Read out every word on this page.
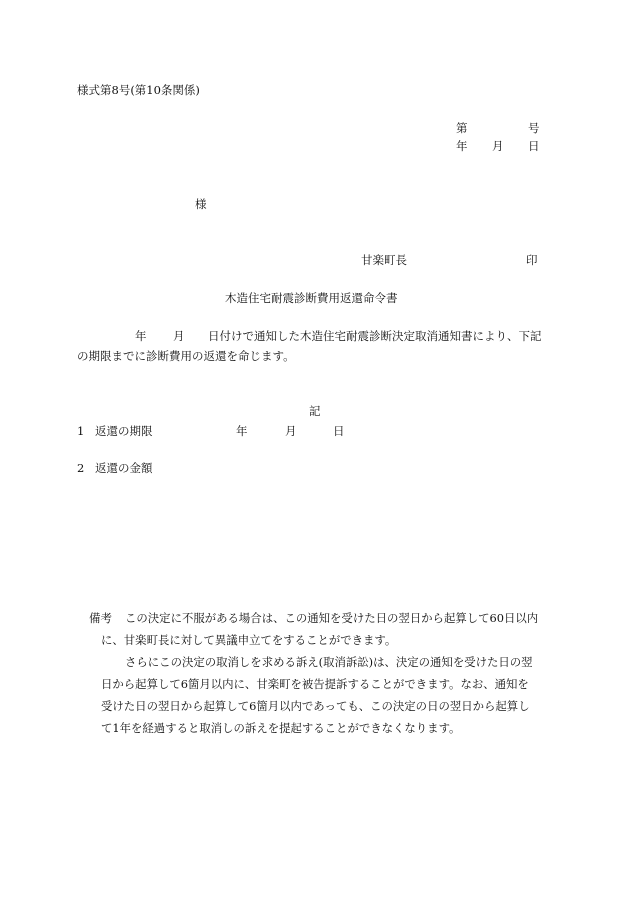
様式第8号(第10条関係)
第	号
年 月 日
様
甘楽町長	印
木造住宅耐震診断費用返還命令書
年 月 日付けで通知した木造住宅耐震診断決定取消通知書により、下記
の期限までに診断費用の返還を命じます。
記
1 返還の期限	年	月	日
2 返還の金額
備考 この決定に不服がある場合は、この通知を受けた日の翌日から起算して60日以内
に、甘楽町長に対して異議申立てをすることができます。
さらにこの決定の取消しを求める訴え(取消訴訟)は、決定の通知を受けた日の翌
日から起算して6箇月以内に、甘楽町を被告提訴することができます。なお、通知を
受けた日の翌日から起算して6箇月以内であっても、この決定の日の翌日から起算し
て1年を経過すると取消しの訴えを提起することができなくなります。
